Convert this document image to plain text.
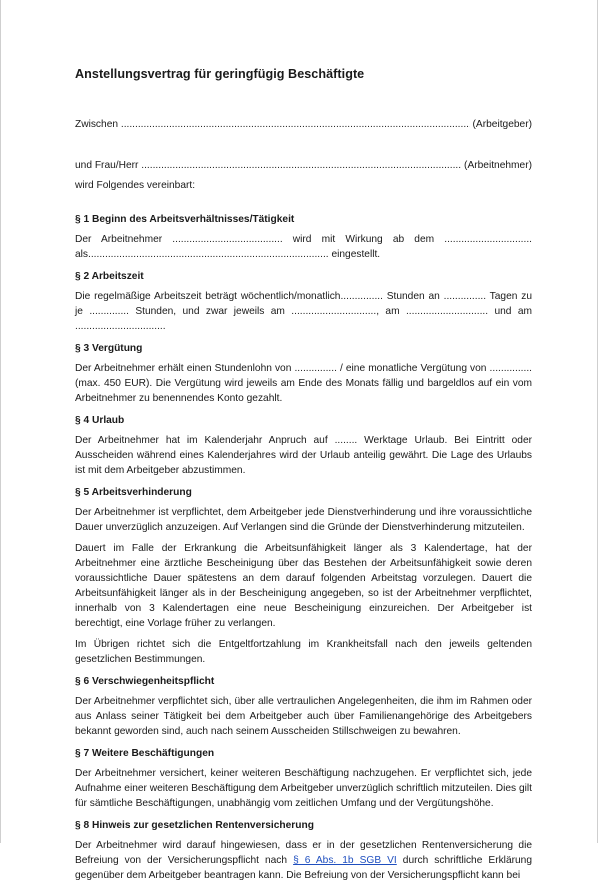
Anstellungsvertrag für geringfügig Beschäftigte
Zwischen .....	(Arbeitgeber)
und Frau/Herr .....	(Arbeitnehmer)

wird Folgendes vereinbart:

§ 1 Beginn des Arbeitsverhältnisses/Tätigkeit

Der Arbeitnehmer ....................................... wird mit Wirkung ab dem ............................... als..................................................................................... eingestellt.

§ 2 Arbeitszeit

Die regelmäßige Arbeitszeit beträgt wöchentlich/monatlich............... Stunden an ............... Tagen zu je .............. Stunden, und zwar jeweils am .............................., am ............................. und am ................................

§ 3 Vergütung

Der Arbeitnehmer erhält einen Stundenlohn von ............... / eine monatliche Vergütung von ............... (max. 450 EUR). Die Vergütung wird jeweils am Ende des Monats fällig und bargeldlos auf ein vom Arbeitnehmer zu benennendes Konto gezahlt.

§ 4 Urlaub

Der Arbeitnehmer hat im Kalenderjahr Anpruch auf ........ Werktage Urlaub. Bei Eintritt oder Ausscheiden während eines Kalenderjahres wird der Urlaub anteilig gewährt. Die Lage des Urlaubs ist mit dem Arbeitgeber abzustimmen.

§ 5 Arbeitsverhinderung

Der Arbeitnehmer ist verpflichtet, dem Arbeitgeber jede Dienstverhinderung und ihre voraussichtliche Dauer unverzüglich anzuzeigen. Auf Verlangen sind die Gründe der Dienstverhinderung mitzuteilen.

Dauert im Falle der Erkrankung die Arbeitsunfähigkeit länger als 3 Kalendertage, hat der Arbeitnehmer eine ärztliche Bescheinigung über das Bestehen der Arbeitsunfähigkeit sowie deren voraussichtliche Dauer spätestens an dem darauf folgenden Arbeitstag vorzulegen. Dauert die Arbeitsunfähigkeit länger als in der Bescheinigung angegeben, so ist der Arbeitnehmer verpflichtet, innerhalb von 3 Kalendertagen eine neue Bescheinigung einzureichen. Der Arbeitgeber ist berechtigt, eine Vorlage früher zu verlangen.

Im Übrigen richtet sich die Entgeltfortzahlung im Krankheitsfall nach den jeweils geltenden gesetzlichen Bestimmungen.

§ 6 Verschwiegenheitspflicht

Der Arbeitnehmer verpflichtet sich, über alle vertraulichen Angelegenheiten, die ihm im Rahmen oder aus Anlass seiner Tätigkeit bei dem Arbeitgeber auch über Familienangehörige des Arbeitgebers bekannt geworden sind, auch nach seinem Ausscheiden Stillschweigen zu bewahren.

§ 7 Weitere Beschäftigungen

Der Arbeitnehmer versichert, keiner weiteren Beschäftigung nachzugehen. Er verpflichtet sich, jede Aufnahme einer weiteren Beschäftigung dem Arbeitgeber unverzüglich schriftlich mitzuteilen. Dies gilt für sämtliche Beschäftigungen, unabhängig vom zeitlichen Umfang und der Vergütungshöhe.

§ 8 Hinweis zur gesetzlichen Rentenversicherung

Der Arbeitnehmer wird darauf hingewiesen, dass er in der gesetzlichen Rentenversicherung die Befreiung von der Versicherungspflicht nach § 6 Abs. 1b SGB VI durch schriftliche Erklärung gegenüber dem Arbeitgeber beantragen kann. Die Befreiung von der Versicherungspflicht kann bei
